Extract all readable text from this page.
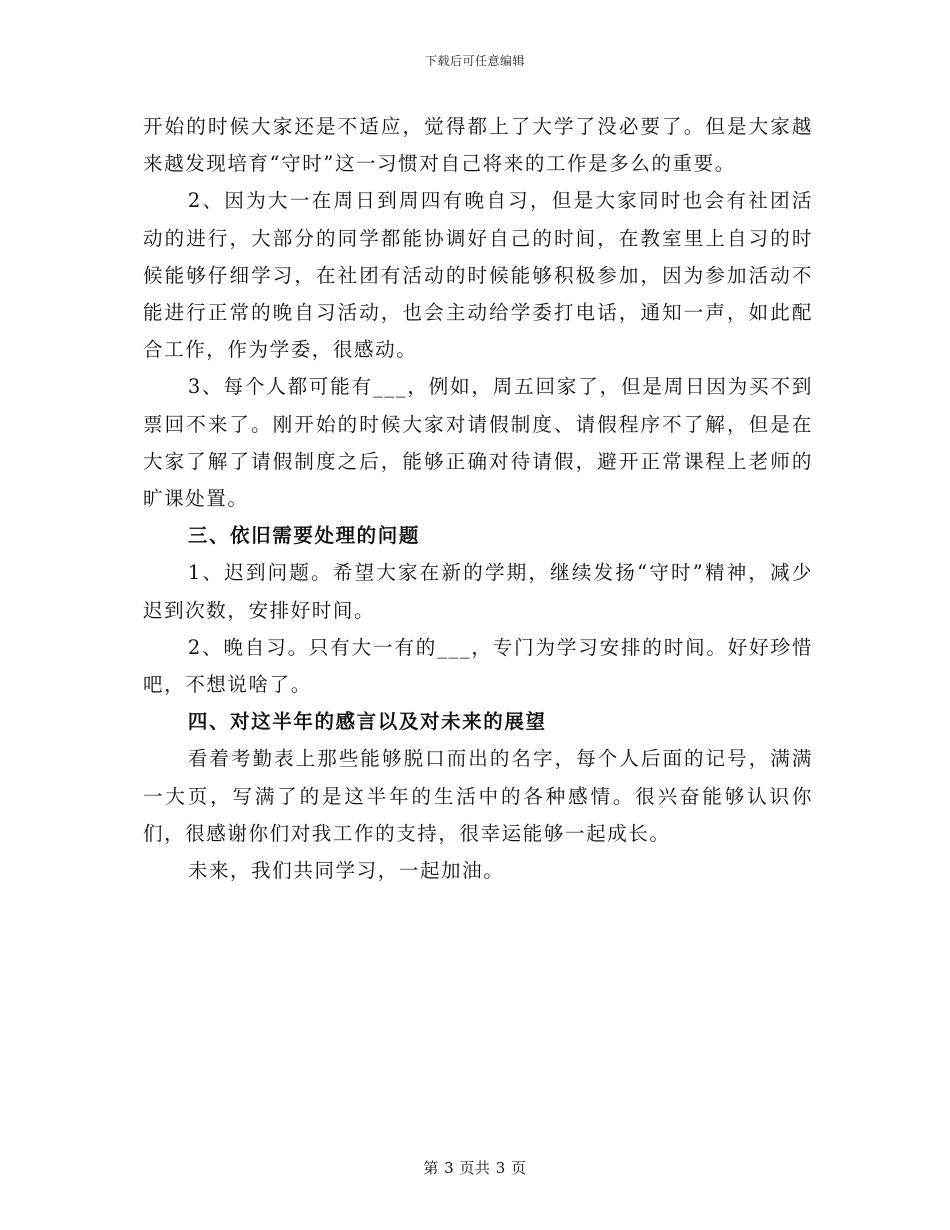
下载后可任意编辑

开始的时候大家还是不适应，觉得都上了大学了没必要了。但是大家越来越发现培育“守时”这一习惯对自己将来的工作是多么的重要。

2、因为大一在周日到周四有晚自习，但是大家同时也会有社团活动的进行，大部分的同学都能协调好自己的时间，在教室里上自习的时候能够仔细学习，在社团有活动的时候能够积极参加，因为参加活动不能进行正常的晚自习活动，也会主动给学委打电话，通知一声，如此配合工作，作为学委，很感动。

3、每个人都可能有___，例如，周五回家了，但是周日因为买不到票回不来了。刚开始的时候大家对请假制度、请假程序不了解，但是在大家了解了请假制度之后，能够正确对待请假，避开正常课程上老师的旷课处置。

三、依旧需要处理的问题

1、迟到问题。希望大家在新的学期，继续发扬“守时”精神，减少迟到次数，安排好时间。

2、晚自习。只有大一有的___，专门为学习安排的时间。好好珍惜吧，不想说啥了。

四、对这半年的感言以及对未来的展望

看着考勤表上那些能够脱口而出的名字，每个人后面的记号，满满一大页，写满了的是这半年的生活中的各种感情。很兴奋能够认识你们，很感谢你们对我工作的支持，很幸运能够一起成长。

未来，我们共同学习，一起加油。

第 3 页共 3 页
